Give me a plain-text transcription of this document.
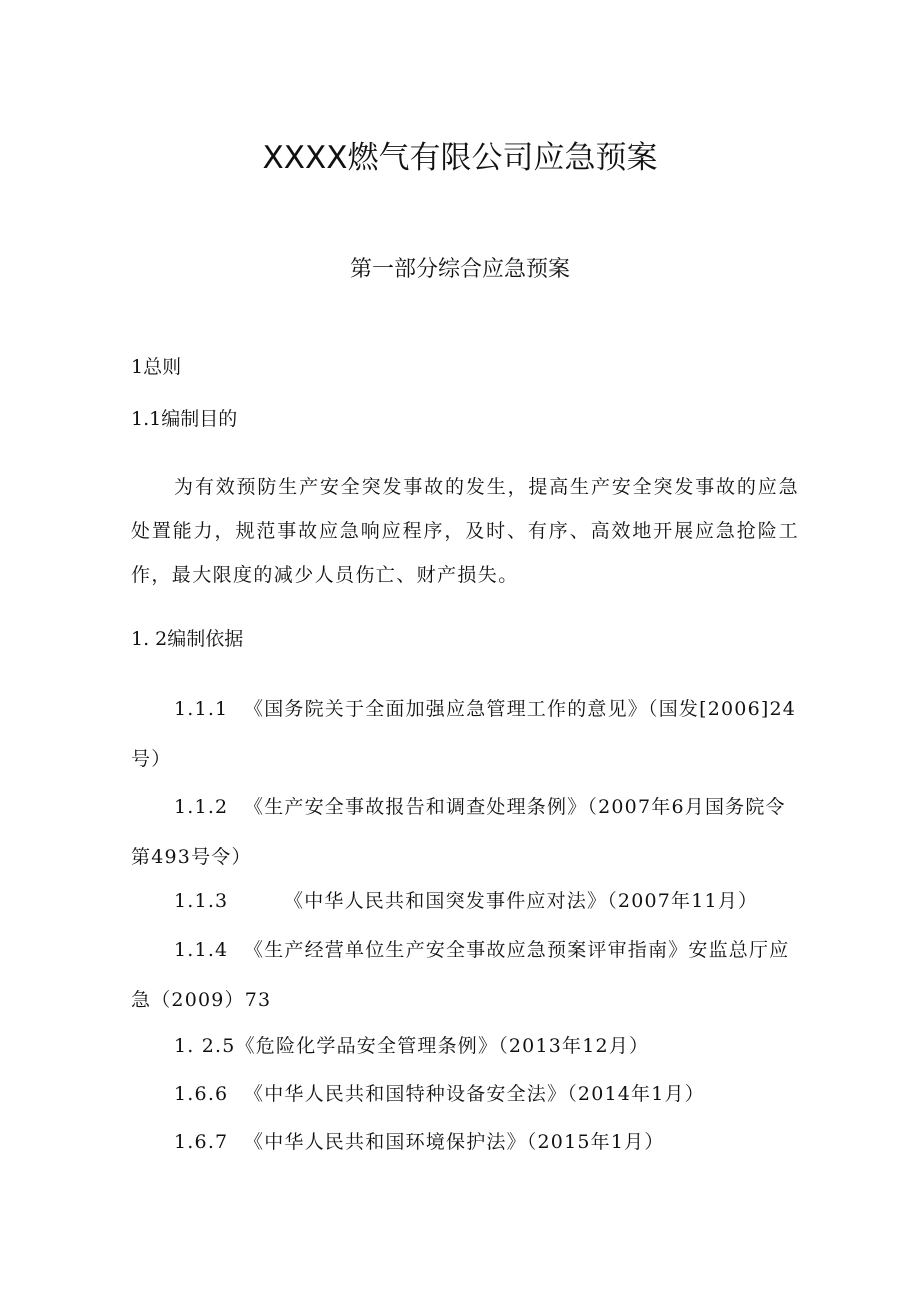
XXXX燃气有限公司应急预案
第一部分综合应急预案
1总则
1.1编制目的
为有效预防生产安全突发事故的发生，提高生产安全突发事故的应急处置能力，规范事故应急响应程序，及时、有序、高效地开展应急抢险工作，最大限度的减少人员伤亡、财产损失。
1. 2编制依据
1.1.1 《国务院关于全面加强应急管理工作的意见》（国发[2006]24号）
1.1.2 《生产安全事故报告和调查处理条例》（2007年6月国务院令第493号令）
1.1.3	《中华人民共和国突发事件应对法》（2007年11月）
1.1.4 《生产经营单位生产安全事故应急预案评审指南》安监总厅应急（2009）73
1. 2.5《危险化学品安全管理条例》（2013年12月）
1.6.6 《中华人民共和国特种设备安全法》（2014年1月）
1.6.7 《中华人民共和国环境保护法》（2015年1月）
